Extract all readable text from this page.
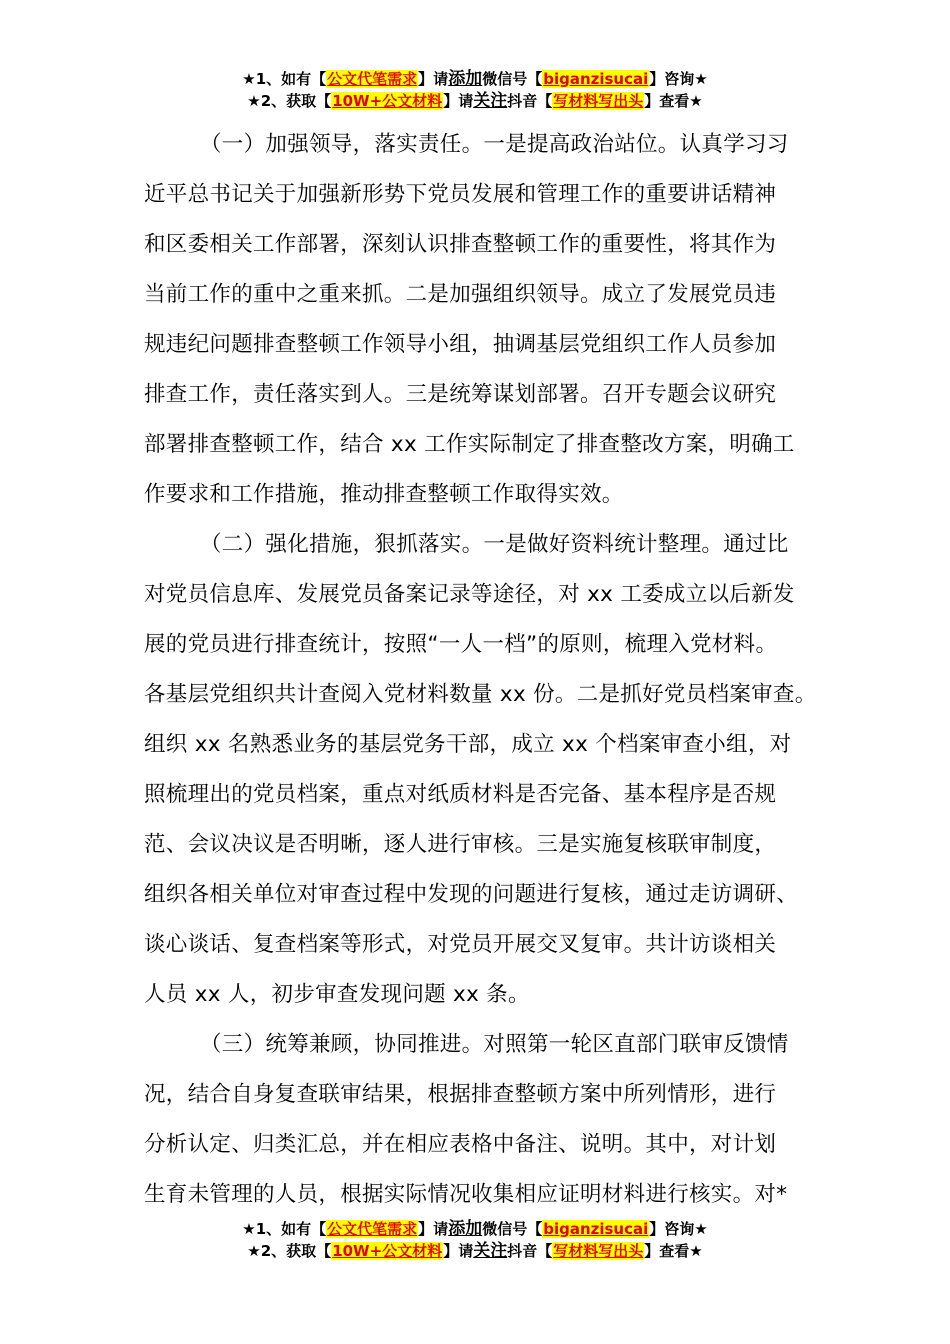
★1、如有【公文代笔需求】请添加微信号【biganzisucai】咨询★
★2、获取【10W+公文材料】请关注抖音【写材料写出头】查看★
（一）加强领导，落实责任。一是提高政治站位。认真学习习
近平总书记关于加强新形势下党员发展和管理工作的重要讲话精神
和区委相关工作部署，深刻认识排查整顿工作的重要性，将其作为
当前工作的重中之重来抓。二是加强组织领导。成立了发展党员违
规违纪问题排查整顿工作领导小组，抽调基层党组织工作人员参加
排查工作，责任落实到人。三是统筹谋划部署。召开专题会议研究
部署排查整顿工作，结合 xx 工作实际制定了排查整改方案，明确工
作要求和工作措施，推动排查整顿工作取得实效。
（二）强化措施，狠抓落实。一是做好资料统计整理。通过比
对党员信息库、发展党员备案记录等途径，对 xx 工委成立以后新发
展的党员进行排查统计，按照“一人一档”的原则，梳理入党材料。
各基层党组织共计查阅入党材料数量 xx 份。二是抓好党员档案审查。
组织 xx 名熟悉业务的基层党务干部，成立 xx 个档案审查小组，对
照梳理出的党员档案，重点对纸质材料是否完备、基本程序是否规
范、会议决议是否明晰，逐人进行审核。三是实施复核联审制度，
组织各相关单位对审查过程中发现的问题进行复核，通过走访调研、
谈心谈话、复查档案等形式，对党员开展交叉复审。共计访谈相关
人员 xx 人，初步审查发现问题 xx 条。
（三）统筹兼顾，协同推进。对照第一轮区直部门联审反馈情
况，结合自身复查联审结果，根据排查整顿方案中所列情形，进行
分析认定、归类汇总，并在相应表格中备注、说明。其中，对计划
生育未管理的人员，根据实际情况收集相应证明材料进行核实。对*
★1、如有【公文代笔需求】请添加微信号【biganzisucai】咨询★
★2、获取【10W+公文材料】请关注抖音【写材料写出头】查看★
